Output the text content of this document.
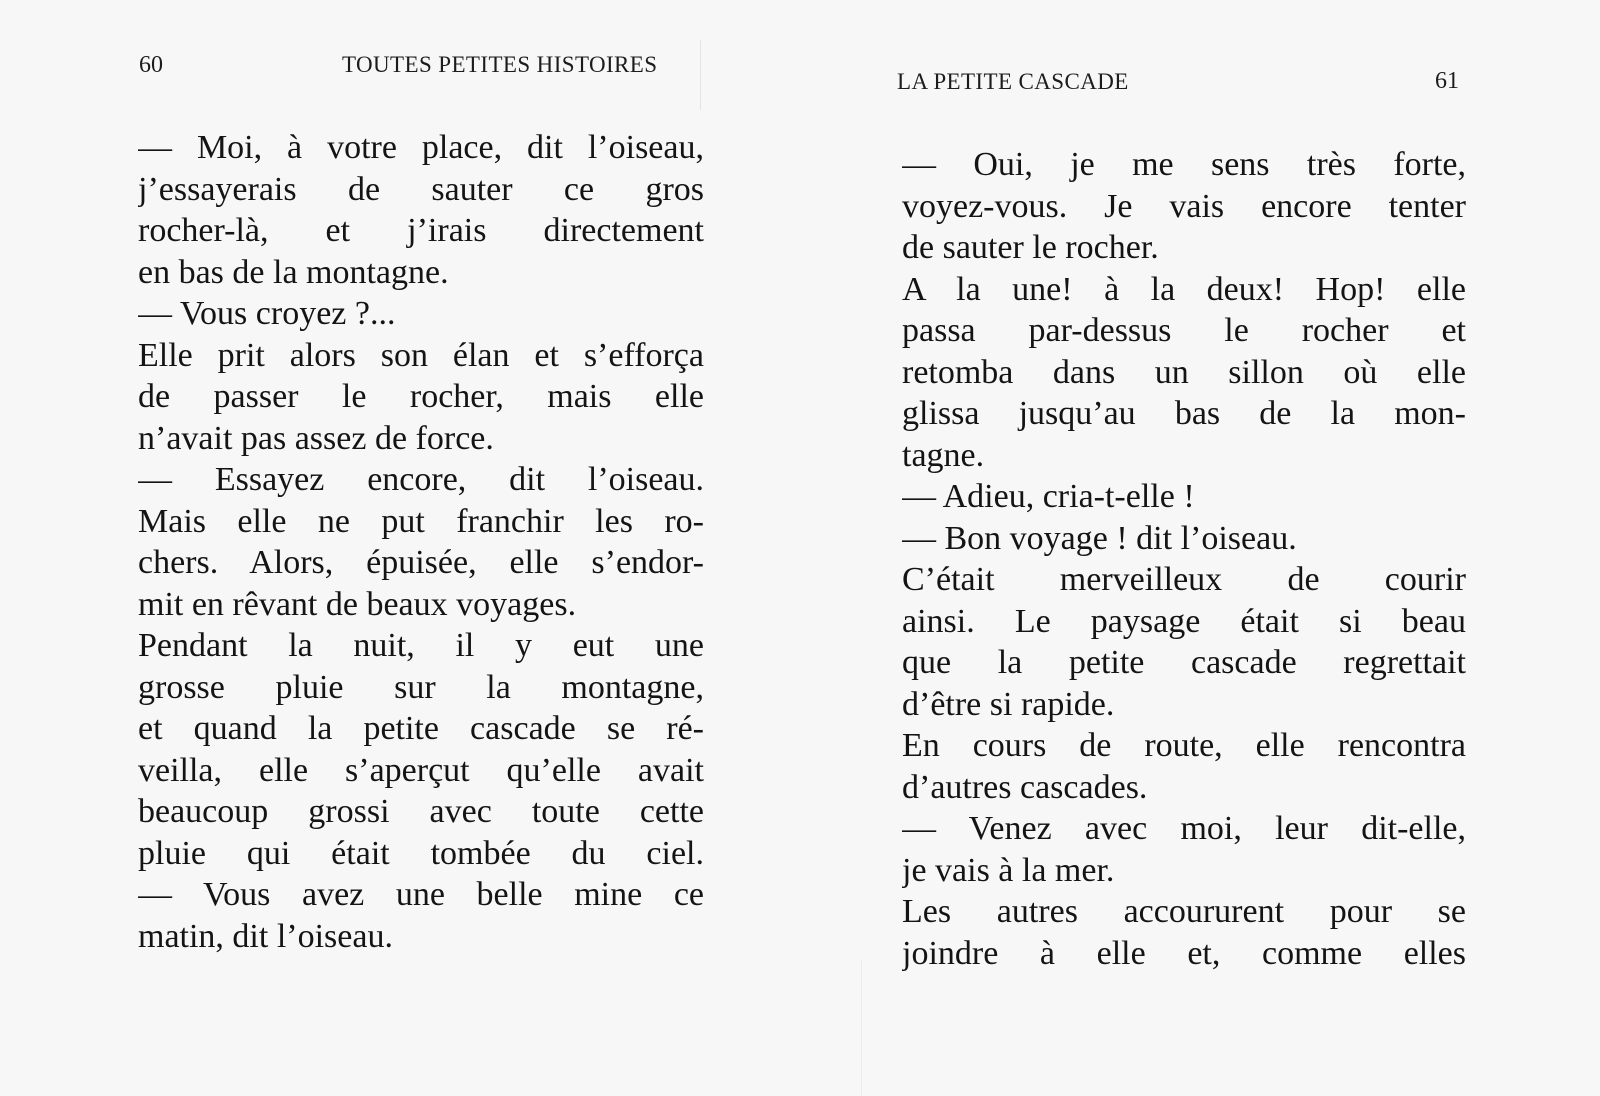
60	TOUTES PETITES HISTOIRES
— Moi, à votre place, dit l’oiseau,
j’essayerais de sauter ce gros
rocher-là, et j’irais directement
en bas de la montagne.
— Vous croyez ?...
Elle prit alors son élan et s’efforça
de passer le rocher, mais elle
n’avait pas assez de force.
— Essayez encore, dit l’oiseau.
Mais elle ne put franchir les ro-
chers. Alors, épuisée, elle s’endor-
mit en rêvant de beaux voyages.
Pendant la nuit, il y eut une
grosse pluie sur la montagne,
et quand la petite cascade se ré-
veilla, elle s’aperçut qu’elle avait
beaucoup grossi avec toute cette
pluie qui était tombée du ciel.
— Vous avez une belle mine ce
matin, dit l’oiseau.
LA PETITE CASCADE	61
— Oui, je me sens très forte,
voyez-vous. Je vais encore tenter
de sauter le rocher.
A la une! à la deux! Hop! elle
passa par-dessus le rocher et
retomba dans un sillon où elle
glissa jusqu’au bas de la mon-
tagne.
— Adieu, cria-t-elle !
— Bon voyage ! dit l’oiseau.
C’était merveilleux de courir
ainsi. Le paysage était si beau
que la petite cascade regrettait
d’être si rapide.
En cours de route, elle rencontra
d’autres cascades.
— Venez avec moi, leur dit-elle,
je vais à la mer.
Les autres accoururent pour se
joindre à elle et, comme elles
